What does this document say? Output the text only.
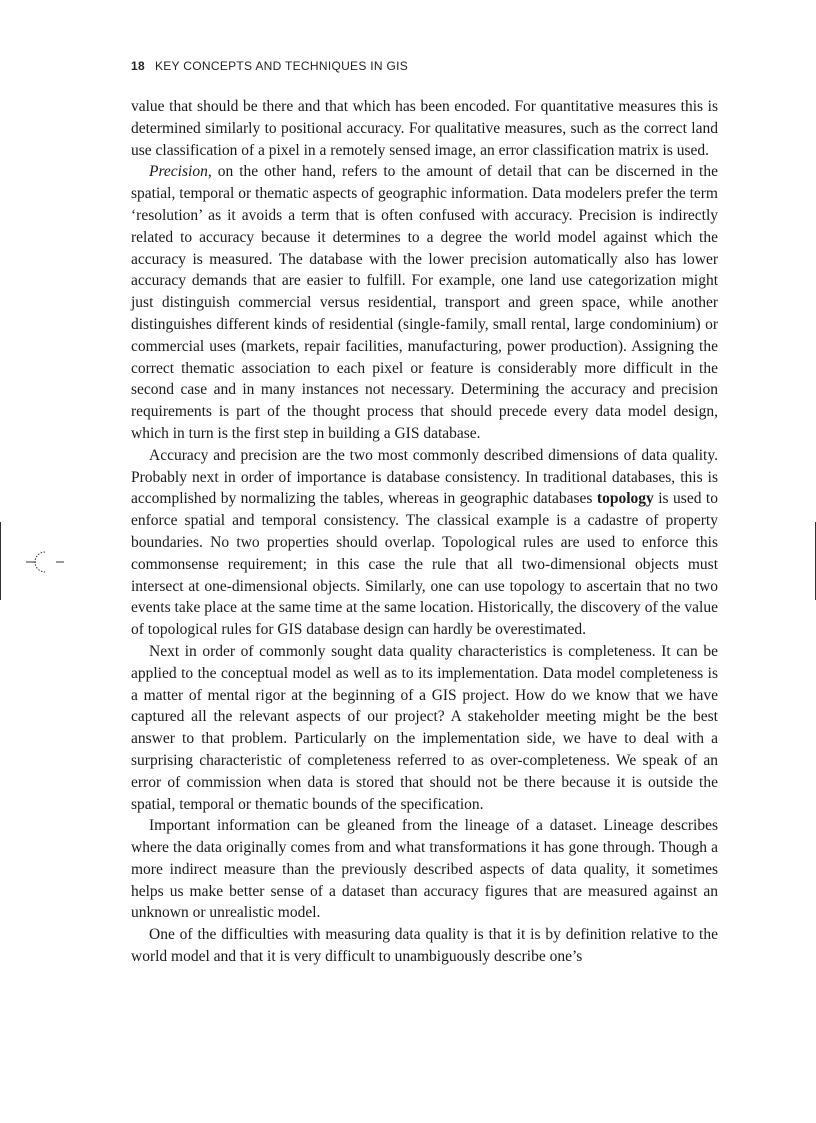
18 KEY CONCEPTS AND TECHNIQUES IN GIS

value that should be there and that which has been encoded. For quantitative measures this is determined similarly to positional accuracy. For qualitative measures, such as the correct land use classification of a pixel in a remotely sensed image, an error classification matrix is used.

Precision, on the other hand, refers to the amount of detail that can be discerned in the spatial, temporal or thematic aspects of geographic information. Data modelers prefer the term ‘resolution’ as it avoids a term that is often confused with accuracy. Precision is indirectly related to accuracy because it determines to a degree the world model against which the accuracy is measured. The database with the lower precision automatically also has lower accuracy demands that are easier to fulfill. For example, one land use categorization might just distinguish commercial versus residential, transport and green space, while another distinguishes different kinds of residential (single-family, small rental, large condominium) or commercial uses (markets, repair facilities, manufacturing, power production). Assigning the correct thematic association to each pixel or feature is considerably more difficult in the second case and in many instances not necessary. Determining the accuracy and precision requirements is part of the thought process that should precede every data model design, which in turn is the first step in building a GIS database.

Accuracy and precision are the two most commonly described dimensions of data quality. Probably next in order of importance is database consistency. In traditional databases, this is accomplished by normalizing the tables, whereas in geographic databases topology is used to enforce spatial and temporal consistency. The classical example is a cadastre of property boundaries. No two properties should overlap. Topological rules are used to enforce this commonsense requirement; in this case the rule that all two-dimensional objects must intersect at one-dimensional objects. Similarly, one can use topology to ascertain that no two events take place at the same time at the same location. Historically, the discovery of the value of topological rules for GIS database design can hardly be overestimated.

Next in order of commonly sought data quality characteristics is completeness. It can be applied to the conceptual model as well as to its implementation. Data model completeness is a matter of mental rigor at the beginning of a GIS project. How do we know that we have captured all the relevant aspects of our project? A stakeholder meeting might be the best answer to that problem. Particularly on the implementation side, we have to deal with a surprising characteristic of completeness referred to as over-completeness. We speak of an error of commission when data is stored that should not be there because it is outside the spatial, temporal or thematic bounds of the specification.

Important information can be gleaned from the lineage of a dataset. Lineage describes where the data originally comes from and what transformations it has gone through. Though a more indirect measure than the previously described aspects of data quality, it sometimes helps us make better sense of a dataset than accuracy figures that are measured against an unknown or unrealistic model.

One of the difficulties with measuring data quality is that it is by definition relative to the world model and that it is very difficult to unambiguously describe one’s
